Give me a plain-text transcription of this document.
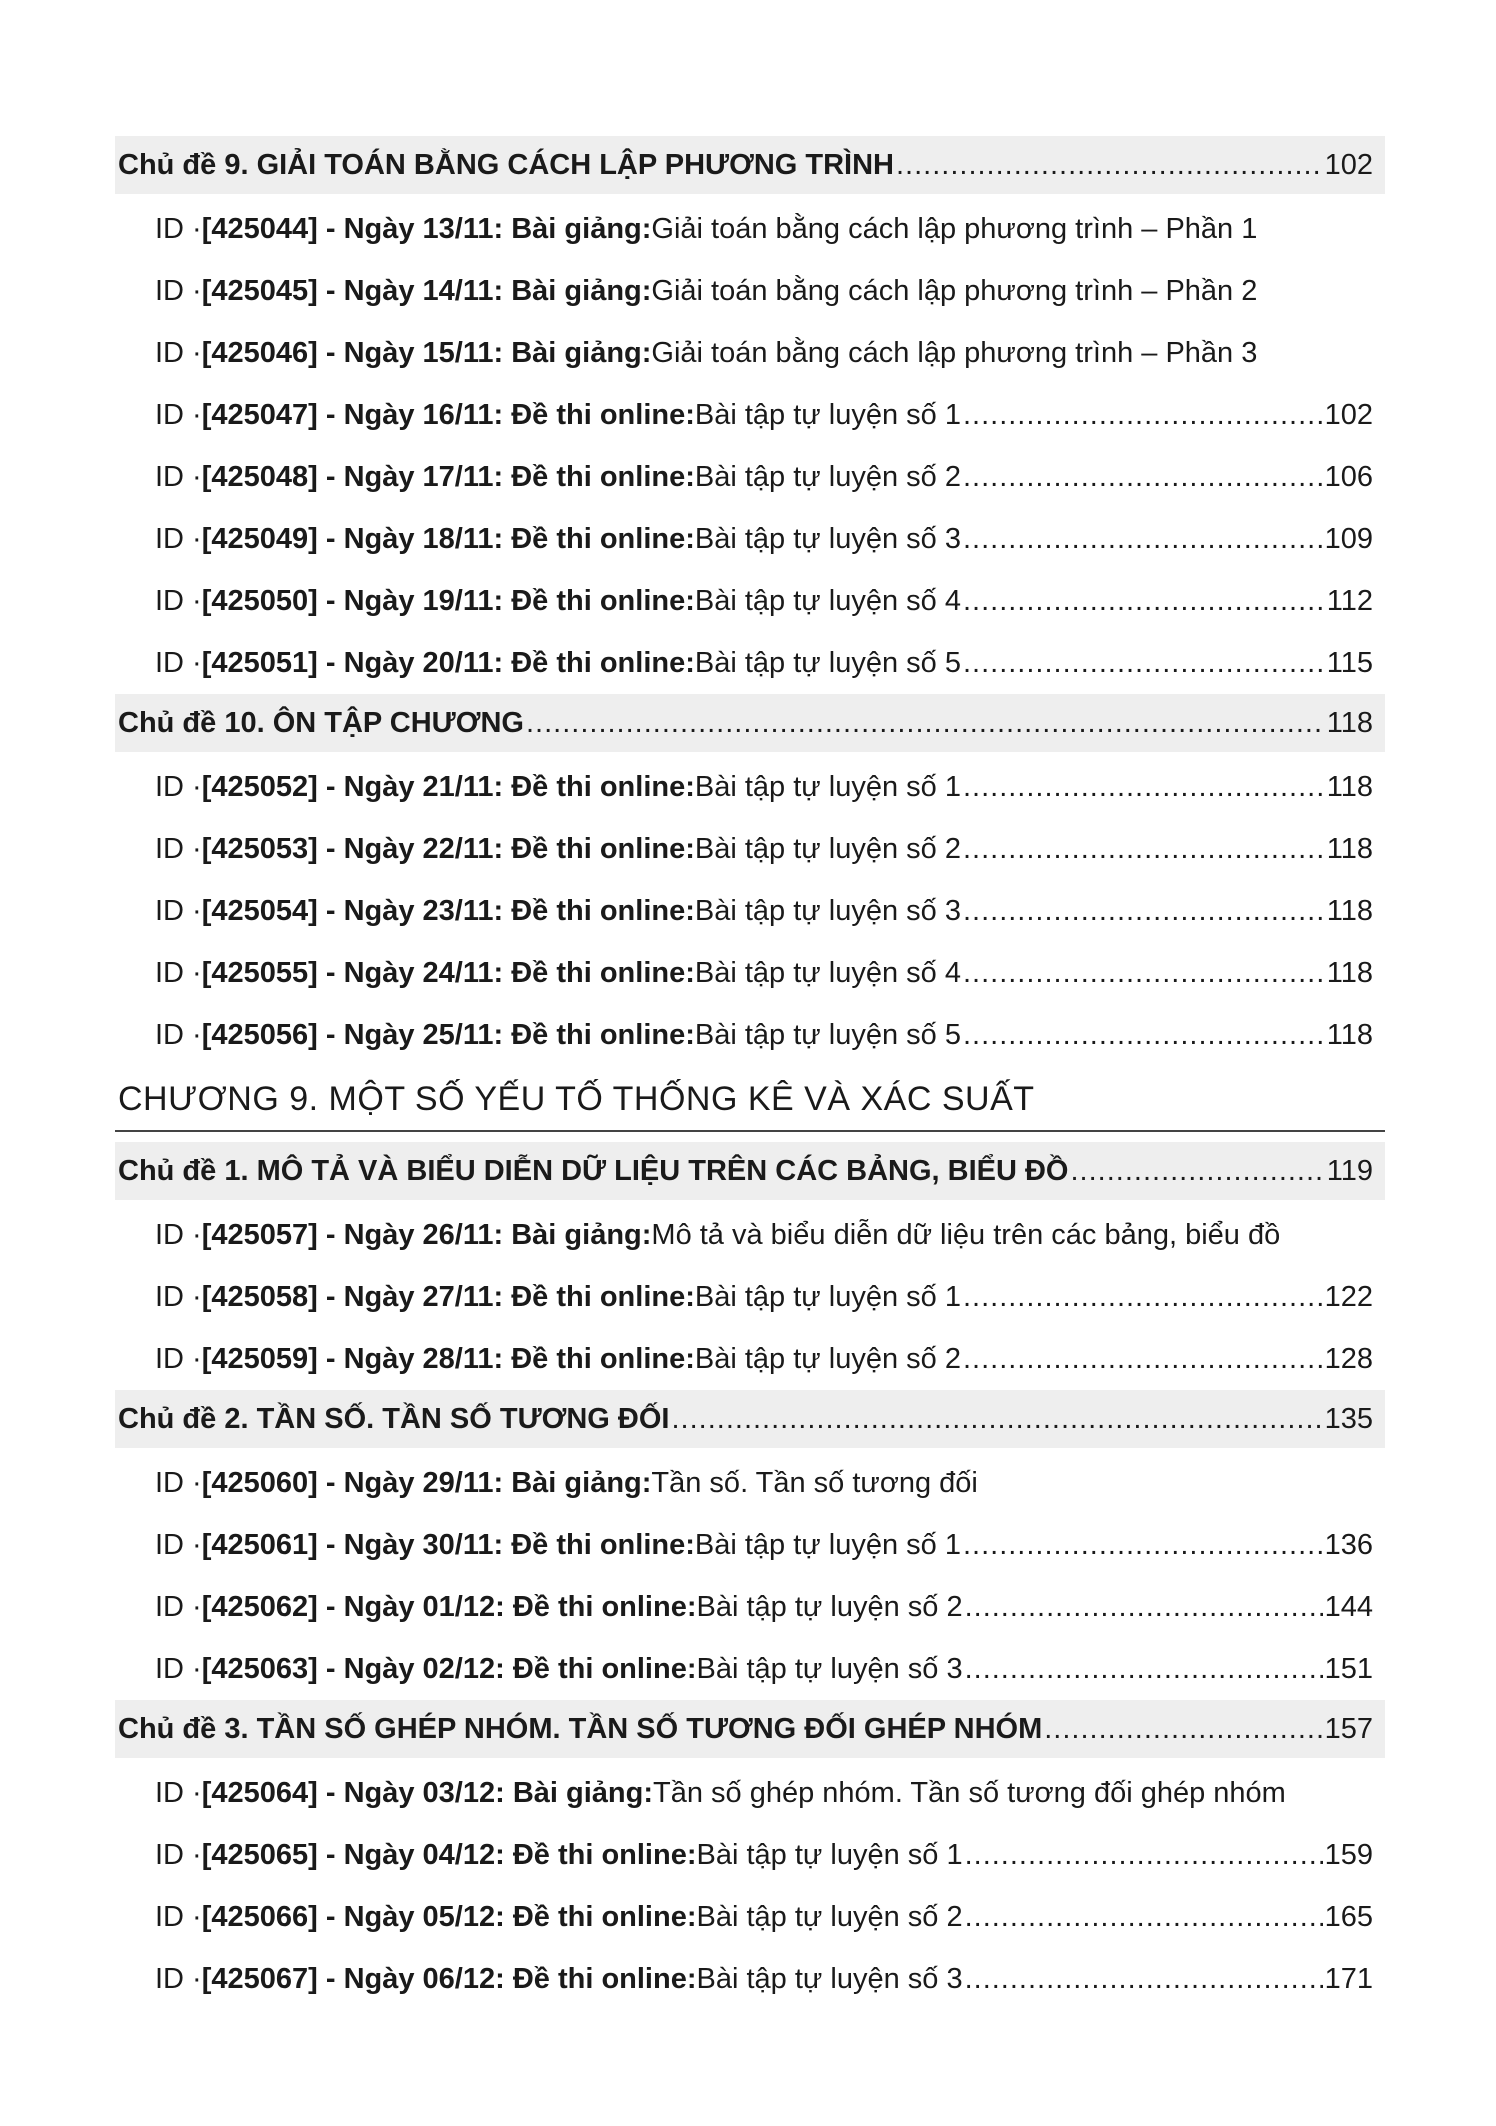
Chủ đề 9. GIẢI TOÁN BẰNG CÁCH LẬP PHƯƠNG TRÌNH .....	102
ID · [425044] - Ngày 13/11: Bài giảng: Giải toán bằng cách lập phương trình – Phần 1
ID · [425045] - Ngày 14/11: Bài giảng: Giải toán bằng cách lập phương trình – Phần 2
ID · [425046] - Ngày 15/11: Bài giảng: Giải toán bằng cách lập phương trình – Phần 3
ID · [425047] - Ngày 16/11: Đề thi online: Bài tập tự luyện số 1 .....	102
ID · [425048] - Ngày 17/11: Đề thi online: Bài tập tự luyện số 2 .....	106
ID · [425049] - Ngày 18/11: Đề thi online: Bài tập tự luyện số 3 .....	109
ID · [425050] - Ngày 19/11: Đề thi online: Bài tập tự luyện số 4 .....	112
ID · [425051] - Ngày 20/11: Đề thi online: Bài tập tự luyện số 5 .....	115
Chủ đề 10. ÔN TẬP CHƯƠNG .....	118
ID · [425052] - Ngày 21/11: Đề thi online: Bài tập tự luyện số 1 .....	118
ID · [425053] - Ngày 22/11: Đề thi online: Bài tập tự luyện số 2 .....	118
ID · [425054] - Ngày 23/11: Đề thi online: Bài tập tự luyện số 3 .....	118
ID · [425055] - Ngày 24/11: Đề thi online: Bài tập tự luyện số 4 .....	118
ID · [425056] - Ngày 25/11: Đề thi online: Bài tập tự luyện số 5 .....	118
CHƯƠNG 9. MỘT SỐ YẾU TỐ THỐNG KÊ VÀ XÁC SUẤT
Chủ đề 1. MÔ TẢ VÀ BIỂU DIỄN DỮ LIỆU TRÊN CÁC BẢNG, BIỂU ĐỒ .....	119
ID · [425057] - Ngày 26/11: Bài giảng: Mô tả và biểu diễn dữ liệu trên các bảng, biểu đồ
ID · [425058] - Ngày 27/11: Đề thi online: Bài tập tự luyện số 1 .....	122
ID · [425059] - Ngày 28/11: Đề thi online: Bài tập tự luyện số 2 .....	128
Chủ đề 2. TẦN SỐ. TẦN SỐ TƯƠNG ĐỐI .....	135
ID · [425060] - Ngày 29/11: Bài giảng: Tần số. Tần số tương đối
ID · [425061] - Ngày 30/11: Đề thi online: Bài tập tự luyện số 1 .....	136
ID · [425062] - Ngày 01/12: Đề thi online: Bài tập tự luyện số 2 .....	144
ID · [425063] - Ngày 02/12: Đề thi online: Bài tập tự luyện số 3 .....	151
Chủ đề 3. TẦN SỐ GHÉP NHÓM. TẦN SỐ TƯƠNG ĐỐI GHÉP NHÓM .....	157
ID · [425064] - Ngày 03/12: Bài giảng: Tần số ghép nhóm. Tần số tương đối ghép nhóm
ID · [425065] - Ngày 04/12: Đề thi online: Bài tập tự luyện số 1 .....	159
ID · [425066] - Ngày 05/12: Đề thi online: Bài tập tự luyện số 2 .....	165
ID · [425067] - Ngày 06/12: Đề thi online: Bài tập tự luyện số 3 .....	171
